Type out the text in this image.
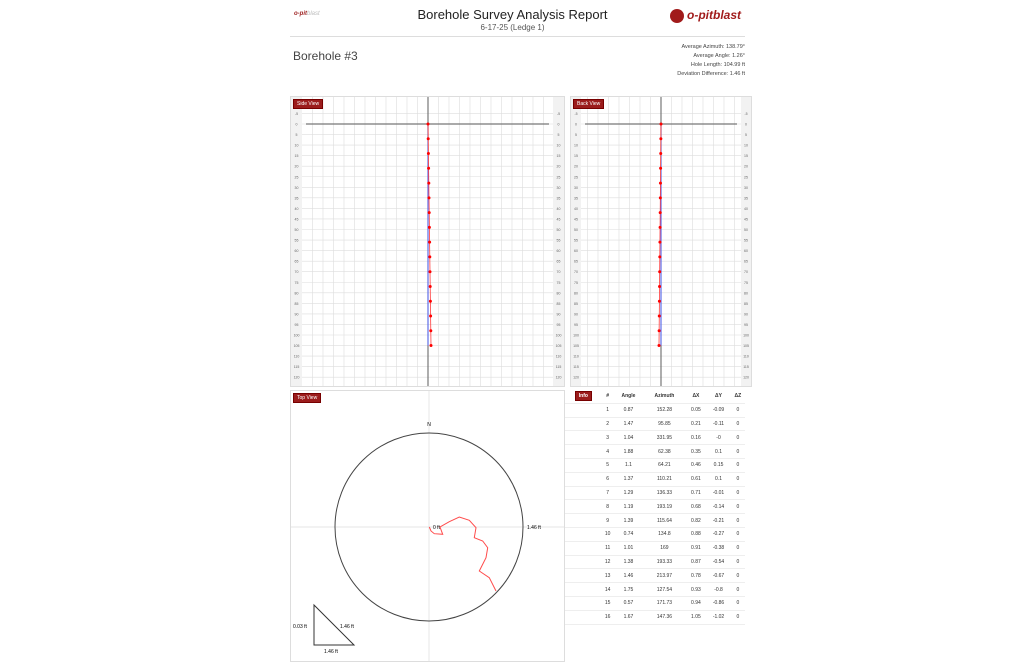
o-pitblast	Borehole Survey Analysis Report
6-17-25 (Ledge 1)
o-pitblast
Borehole #3
Average Azimuth: 138.79°
Average Angle: 1.26°
Hole Length: 104.99 ft
Deviation Difference: 1.46 ft
Side View
-5	-5
0	0
5	5
10	10
15	15
20	20
25	25
30	30
35	35
40	40
45	45
50	50
55	55
60	60
65	65
70	70
75	75
80	80
85	85
90	90
95	95
100	100
105	105
110	110
115	115
120	120
Back View
-5	-5
0	0
5	5
10	10
15	15
20	20
25	25
30	30
35	35
40	40
45	45
50	50
55	55
60	60
65	65
70	70
75	75
80	80
85	85
90	90
95	95
100	100
105	105
110	110
115	115
120	120
Top View
N
0 ft	1.46 ft
0.03 ft	1.46 ft
1.46 ft
Info	#	Angle	Azimuth	ΔX	ΔY	ΔZ
	1	0.87	152.28	0.05	-0.09	0
	2	1.47	95.85	0.21	-0.11	0
	3	1.04	331.95	0.16	-0	0
	4	1.88	62.38	0.35	0.1	0
	5	1.1	64.21	0.46	0.15	0
	6	1.37	110.21	0.61	0.1	0
	7	1.29	136.33	0.71	-0.01	0
	8	1.19	193.19	0.68	-0.14	0
	9	1.39	115.64	0.82	-0.21	0
	10	0.74	134.8	0.88	-0.27	0
	11	1.01	169	0.91	-0.38	0
	12	1.38	193.33	0.87	-0.54	0
	13	1.46	213.97	0.78	-0.67	0
	14	1.75	127.54	0.93	-0.8	0
	15	0.57	171.73	0.94	-0.86	0
	16	1.67	147.36	1.05	-1.02	0
